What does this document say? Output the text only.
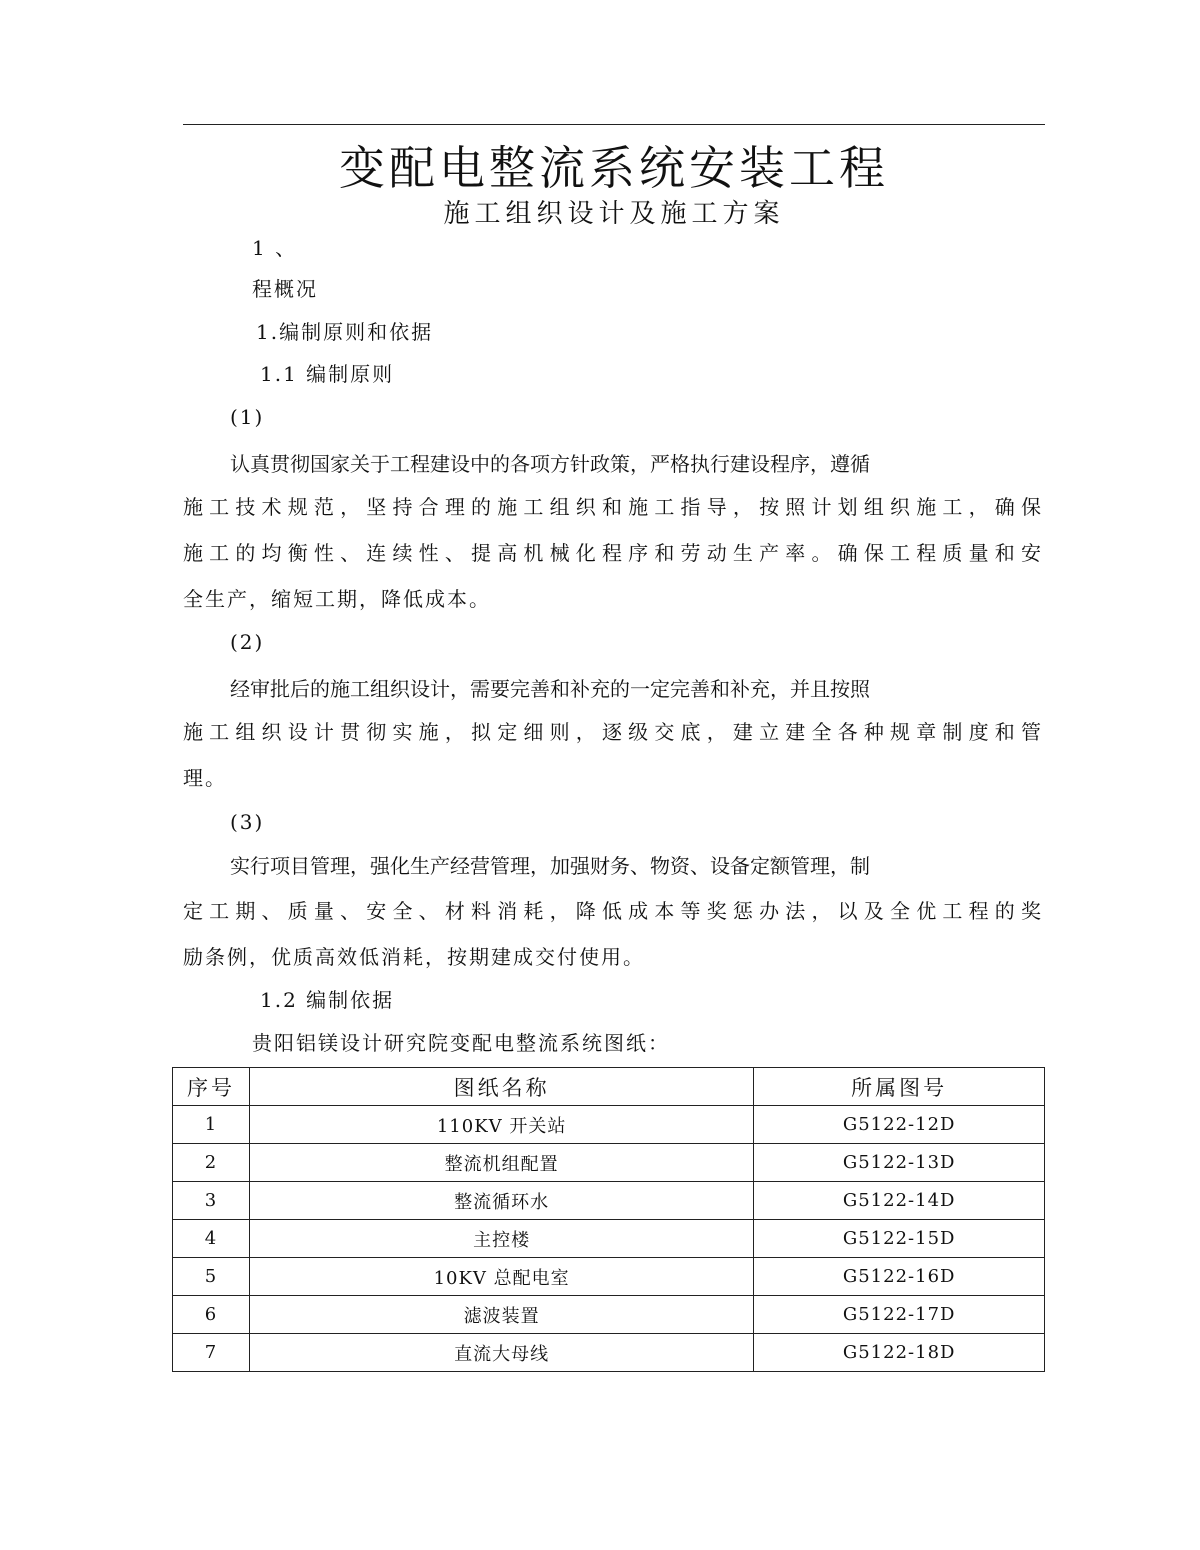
变配电整流系统安装工程
施工组织设计及施工方案
1 、
程概况
1.编制原则和依据
1.1 编制原则
(1)
认真贯彻国家关于工程建设中的各项方针政策，严格执行建设程序，遵循
施工技术规范，坚持合理的施工组织和施工指导，按照计划组织施工，确保
施工的均衡性、连续性、提高机械化程序和劳动生产率。确保工程质量和安
全生产，缩短工期，降低成本。
(2)
经审批后的施工组织设计，需要完善和补充的一定完善和补充，并且按照
施工组织设计贯彻实施，拟定细则，逐级交底，建立建全各种规章制度和管
理。
(3)
实行项目管理，强化生产经营管理，加强财务、物资、设备定额管理，制
定工期、质量、安全、材料消耗，降低成本等奖惩办法，以及全优工程的奖
励条例，优质高效低消耗，按期建成交付使用。
1.2 编制依据
贵阳铝镁设计研究院变配电整流系统图纸：
序号	图纸名称	所属图号
1	110KV 开关站	G5122-12D
2	整流机组配置	G5122-13D
3	整流循环水	G5122-14D
4	主控楼	G5122-15D
5	10KV 总配电室	G5122-16D
6	滤波装置	G5122-17D
7	直流大母线	G5122-18D
